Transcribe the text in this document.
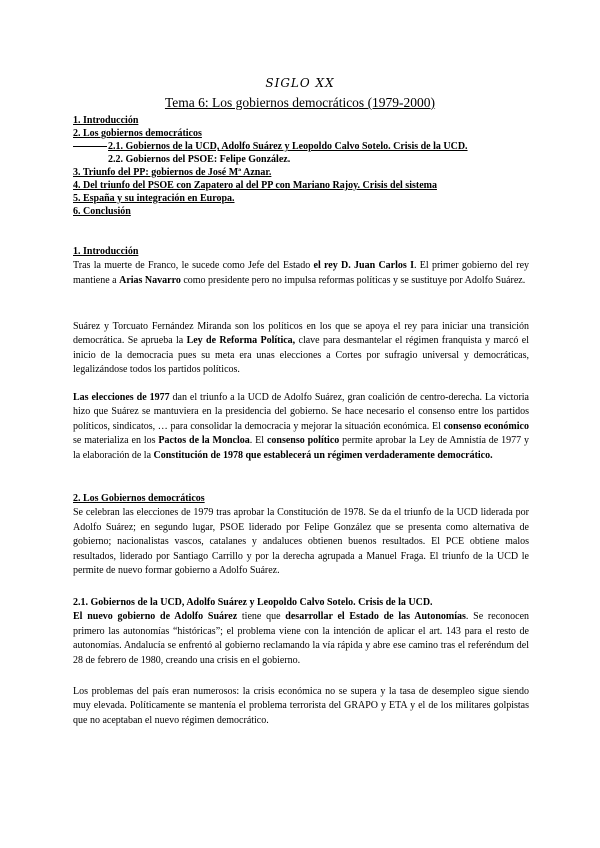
SIGLO XX
Tema 6: Los gobiernos democráticos (1979-2000)
1. Introducción
2. Los gobiernos democráticos
2.1. Gobiernos de la UCD, Adolfo Suárez y Leopoldo Calvo Sotelo. Crisis de la UCD.
2.2. Gobiernos del PSOE: Felipe González.
3. Triunfo del PP: gobiernos de José Mª Aznar.
4. Del triunfo del PSOE con Zapatero al del PP con Mariano Rajoy. Crisis del sistema
5. España y su integración en Europa.
6. Conclusión
1. Introducción

Tras la muerte de Franco, le sucede como Jefe del Estado el rey D. Juan Carlos I. El primer gobierno del rey mantiene a Arias Navarro como presidente pero no impulsa reformas políticas y se sustituye por Adolfo Suárez.

Suárez y Torcuato Fernández Miranda son los políticos en los que se apoya el rey para iniciar una transición democrática. Se aprueba la Ley de Reforma Política, clave para desmantelar el régimen franquista y marcó el inicio de la democracia pues su meta era unas elecciones a Cortes por sufragio universal y democráticas, legalizándose todos los partidos políticos.

Las elecciones de 1977 dan el triunfo a la UCD de Adolfo Suárez, gran coalición de centro-derecha. La victoria hizo que Suárez se mantuviera en la presidencia del gobierno. Se hace necesario el consenso entre los partidos políticos, sindicatos, … para consolidar la democracia y mejorar la situación económica. El consenso económico se materializa en los Pactos de la Moncloa. El consenso político permite aprobar la Ley de Amnistía de 1977 y la elaboración de la Constitución de 1978 que establecerá un régimen verdaderamente democrático.

2. Los Gobiernos democráticos

Se celebran las elecciones de 1979 tras aprobar la Constitución de 1978. Se da el triunfo de la UCD liderada por Adolfo Suárez; en segundo lugar, PSOE liderado por Felipe González que se presenta como alternativa de gobierno; nacionalistas vascos, catalanes y andaluces obtienen buenos resultados. El PCE obtiene malos resultados, liderado por Santiago Carrillo y por la derecha agrupada a Manuel Fraga. El triunfo de la UCD le permite de nuevo formar gobierno a Adolfo Suárez.

2.1. Gobiernos de la UCD, Adolfo Suárez y Leopoldo Calvo Sotelo. Crisis de la UCD.

El nuevo gobierno de Adolfo Suárez tiene que desarrollar el Estado de las Autonomías. Se reconocen primero las autonomías “históricas”; el problema viene con la intención de aplicar el art. 143 para el resto de autonomías. Andalucía se enfrentó al gobierno reclamando la vía rápida y abre ese camino tras el referéndum del 28 de febrero de 1980, creando una crisis en el gobierno.

Los problemas del país eran numerosos: la crisis económica no se supera y la tasa de desempleo sigue siendo muy elevada. Políticamente se mantenía el problema terrorista del GRAPO y ETA y el de los militares golpistas que no aceptaban el nuevo régimen democrático.
